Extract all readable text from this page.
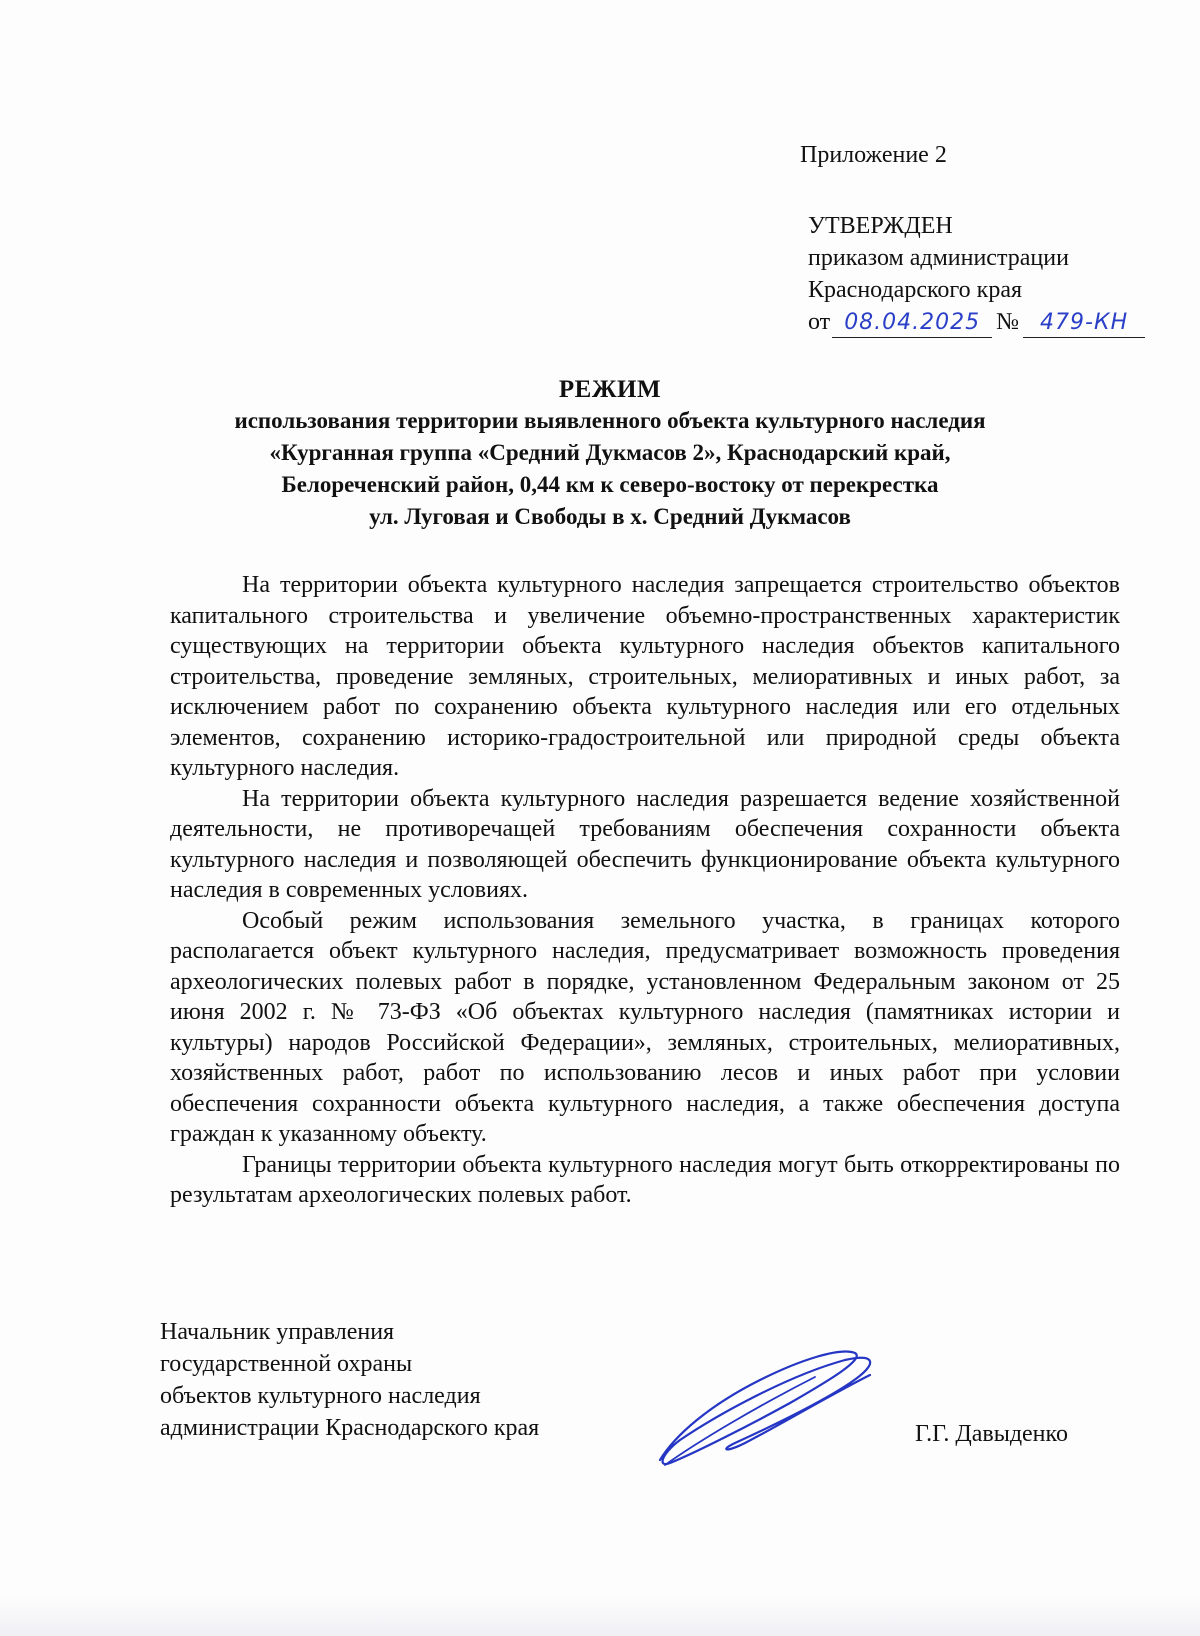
Приложение 2
УТВЕРЖДЕН
приказом администрации
Краснодарского края
от 08.04.2025 № 479-КН
РЕЖИМ
использования территории выявленного объекта культурного наследия
«Курганная группа «Средний Дукмасов 2», Краснодарский край,
Белореченский район, 0,44 км к северо-востоку от перекрестка
ул. Луговая и Свободы в х. Средний Дукмасов

На территории объекта культурного наследия запрещается строительство объектов капитального строительства и увеличение объемно-пространственных характеристик существующих на территории объекта культурного наследия объектов капитального строительства, проведение земляных, строительных, мелиоративных и иных работ, за исключением работ по сохранению объекта культурного наследия или его отдельных элементов, сохранению историко-градостроительной или природной среды объекта культурного наследия.

На территории объекта культурного наследия разрешается ведение хозяйственной деятельности, не противоречащей требованиям обеспечения сохранности объекта культурного наследия и позволяющей обеспечить функционирование объекта культурного наследия в современных условиях.

Особый режим использования земельного участка, в границах которого располагается объект культурного наследия, предусматривает возможность проведения археологических полевых работ в порядке, установленном Федеральным законом от 25 июня 2002 г. № 73-ФЗ «Об объектах культурного наследия (памятниках истории и культуры) народов Российской Федерации», земляных, строительных, мелиоративных, хозяйственных работ, работ по использованию лесов и иных работ при условии обеспечения сохранности объекта культурного наследия, а также обеспечения доступа граждан к указанному объекту.

Границы территории объекта культурного наследия могут быть откорректированы по результатам археологических полевых работ.

Начальник управления
государственной охраны
объектов культурного наследия
администрации Краснодарского края	Г.Г. Давыденко
